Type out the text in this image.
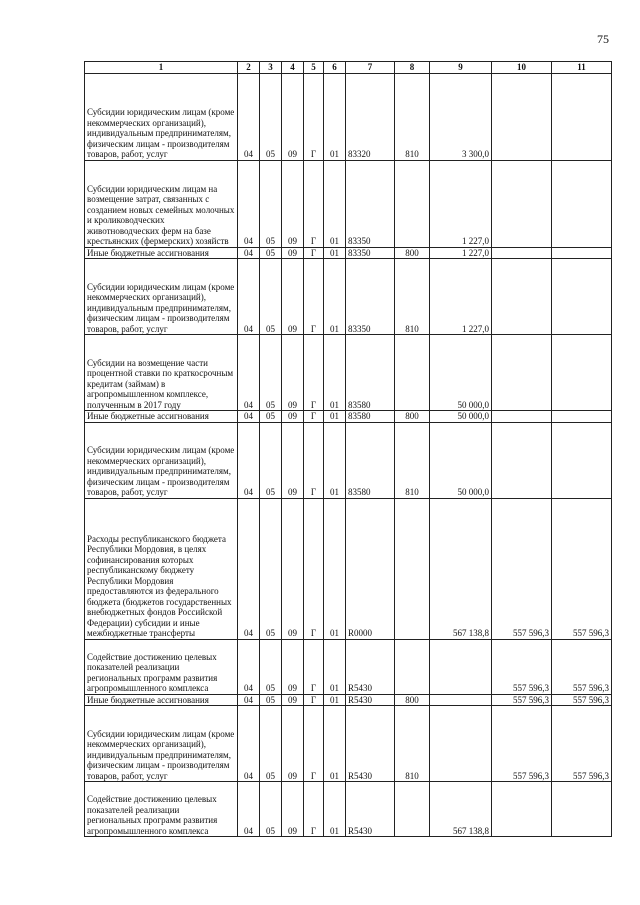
75
1	2	3	4	5	6	7	8	9	10	11
Субсидии юридическим лицам (кроме некоммерческих организаций), индивидуальным предпринимателям, физическим лицам - производителям товаров, работ, услуг	04	05	09	Г	01	83320	810	3 300,0		
Субсидии юридическим лицам на возмещение затрат, связанных с созданием новых семейных молочных и кролиководческих животноводческих ферм на базе крестьянских (фермерских) хозяйств	04	05	09	Г	01	83350		1 227,0		
Иные бюджетные ассигнования	04	05	09	Г	01	83350	800	1 227,0		
Субсидии юридическим лицам (кроме некоммерческих организаций), индивидуальным предпринимателям, физическим лицам - производителям товаров, работ, услуг	04	05	09	Г	01	83350	810	1 227,0		
Субсидии на возмещение части процентной ставки по краткосрочным кредитам (займам) в агропромышленном комплексе, полученным в 2017 году	04	05	09	Г	01	83580		50 000,0		
Иные бюджетные ассигнования	04	05	09	Г	01	83580	800	50 000,0		
Субсидии юридическим лицам (кроме некоммерческих организаций), индивидуальным предпринимателям, физическим лицам - производителям товаров, работ, услуг	04	05	09	Г	01	83580	810	50 000,0		
Расходы республиканского бюджета Республики Мордовия, в целях софинансирования которых республиканскому бюджету Республики Мордовия предоставляются из федерального бюджета (бюджетов государственных внебюджетных фондов Российской Федерации) субсидии и иные межбюджетные трансферты	04	05	09	Г	01	R0000		567 138,8	557 596,3	557 596,3
Содействие достижению целевых показателей реализации региональных программ развития агропромышленного комплекса	04	05	09	Г	01	R5430			557 596,3	557 596,3
Иные бюджетные ассигнования	04	05	09	Г	01	R5430	800		557 596,3	557 596,3
Субсидии юридическим лицам (кроме некоммерческих организаций), индивидуальным предпринимателям, физическим лицам - производителям товаров, работ, услуг	04	05	09	Г	01	R5430	810		557 596,3	557 596,3
Содействие достижению целевых показателей реализации региональных программ развития агропромышленного комплекса	04	05	09	Г	01	R5430		567 138,8		
